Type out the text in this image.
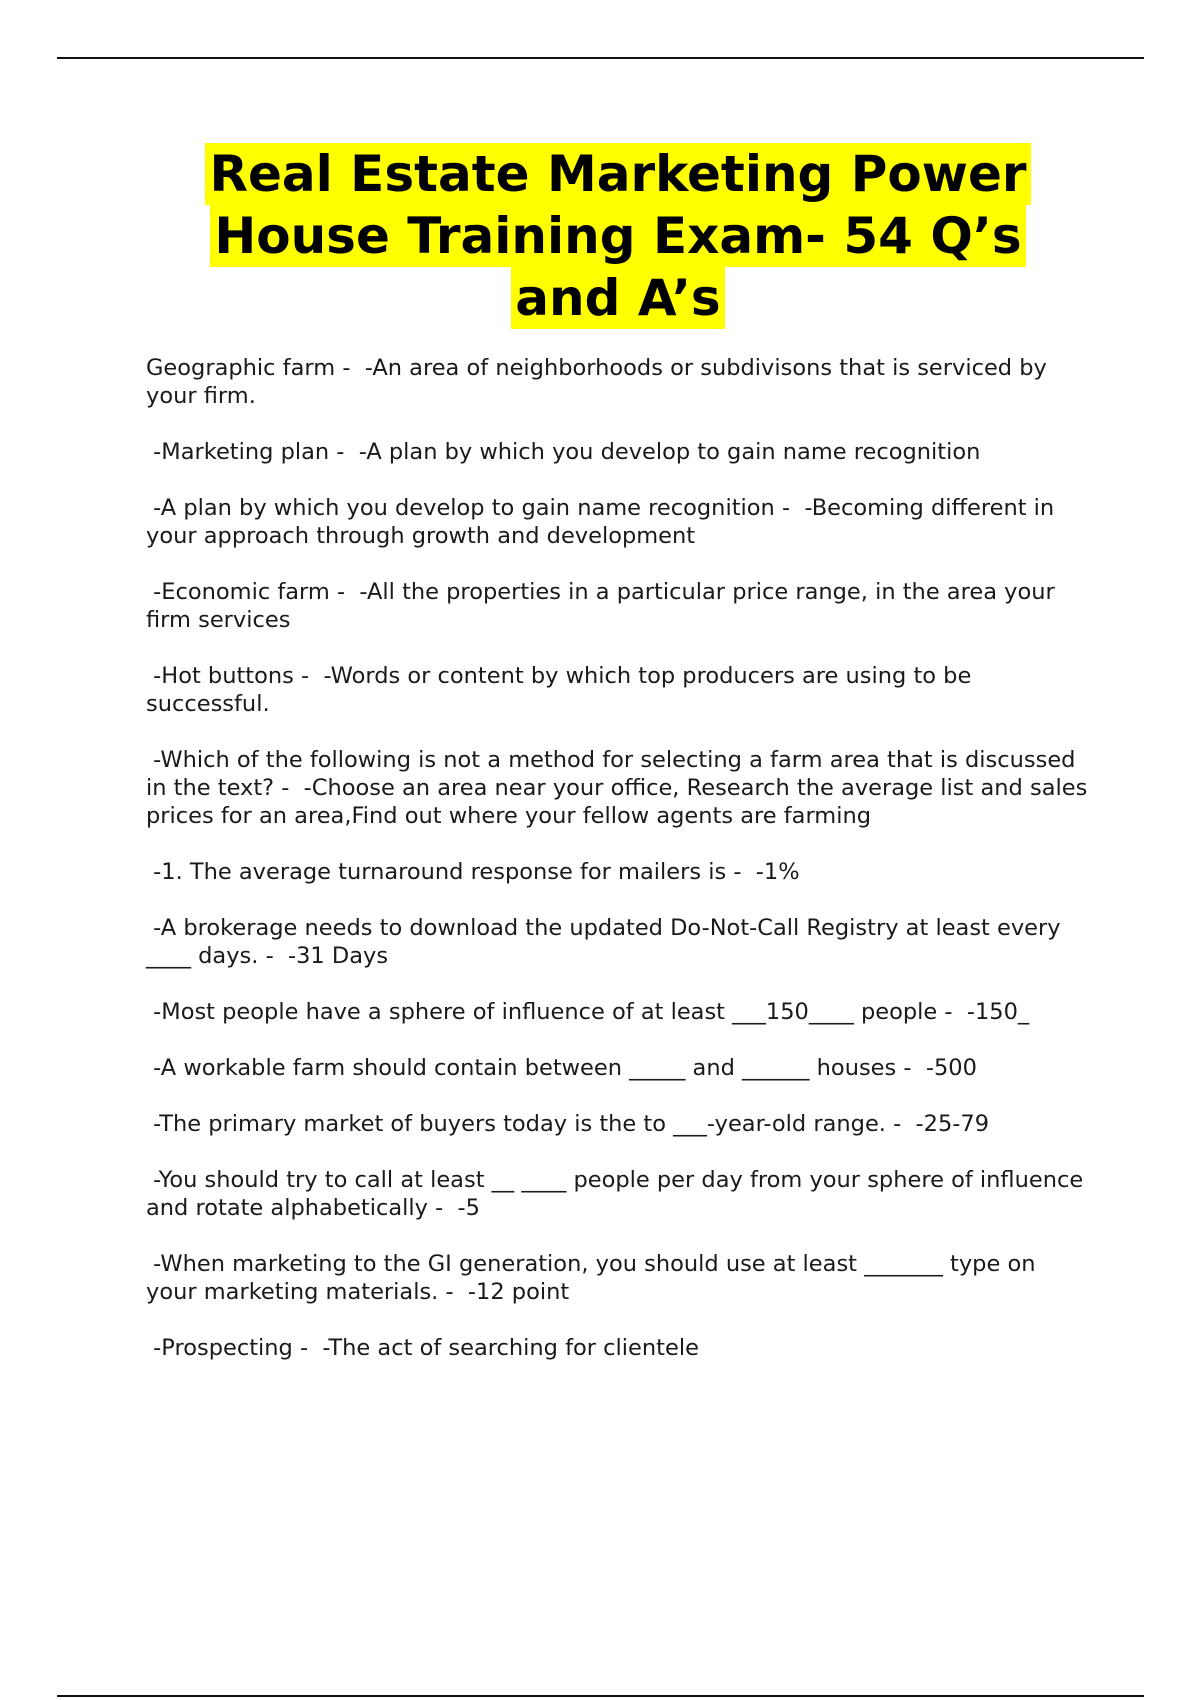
Real Estate Marketing Power
House Training Exam- 54 Q’s
and A’s
Geographic farm -  -An area of neighborhoods or subdivisons that is serviced by your firm.
-Marketing plan -  -A plan by which you develop to gain name recognition
-A plan by which you develop to gain name recognition -  -Becoming different in your approach through growth and development
-Economic farm -  -All the properties in a particular price range, in the area your firm services
-Hot buttons -  -Words or content by which top producers are using to be successful.
-Which of the following is not a method for selecting a farm area that is discussed in the text? -  -Choose an area near your office, Research the average list and sales prices for an area,Find out where your fellow agents are farming
-1. The average turnaround response for mailers is -  -1%
-A brokerage needs to download the updated Do-Not-Call Registry at least every ____ days. -  -31 Days
-Most people have a sphere of influence of at least ___150____ people -  -150_
-A workable farm should contain between _____ and ______ houses -  -500
-The primary market of buyers today is the to ___-year-old range. -  -25-79
-You should try to call at least __ ____ people per day from your sphere of influence and rotate alphabetically -  -5
-When marketing to the GI generation, you should use at least _______ type on your marketing materials. -  -12 point
-Prospecting -  -The act of searching for clientele
